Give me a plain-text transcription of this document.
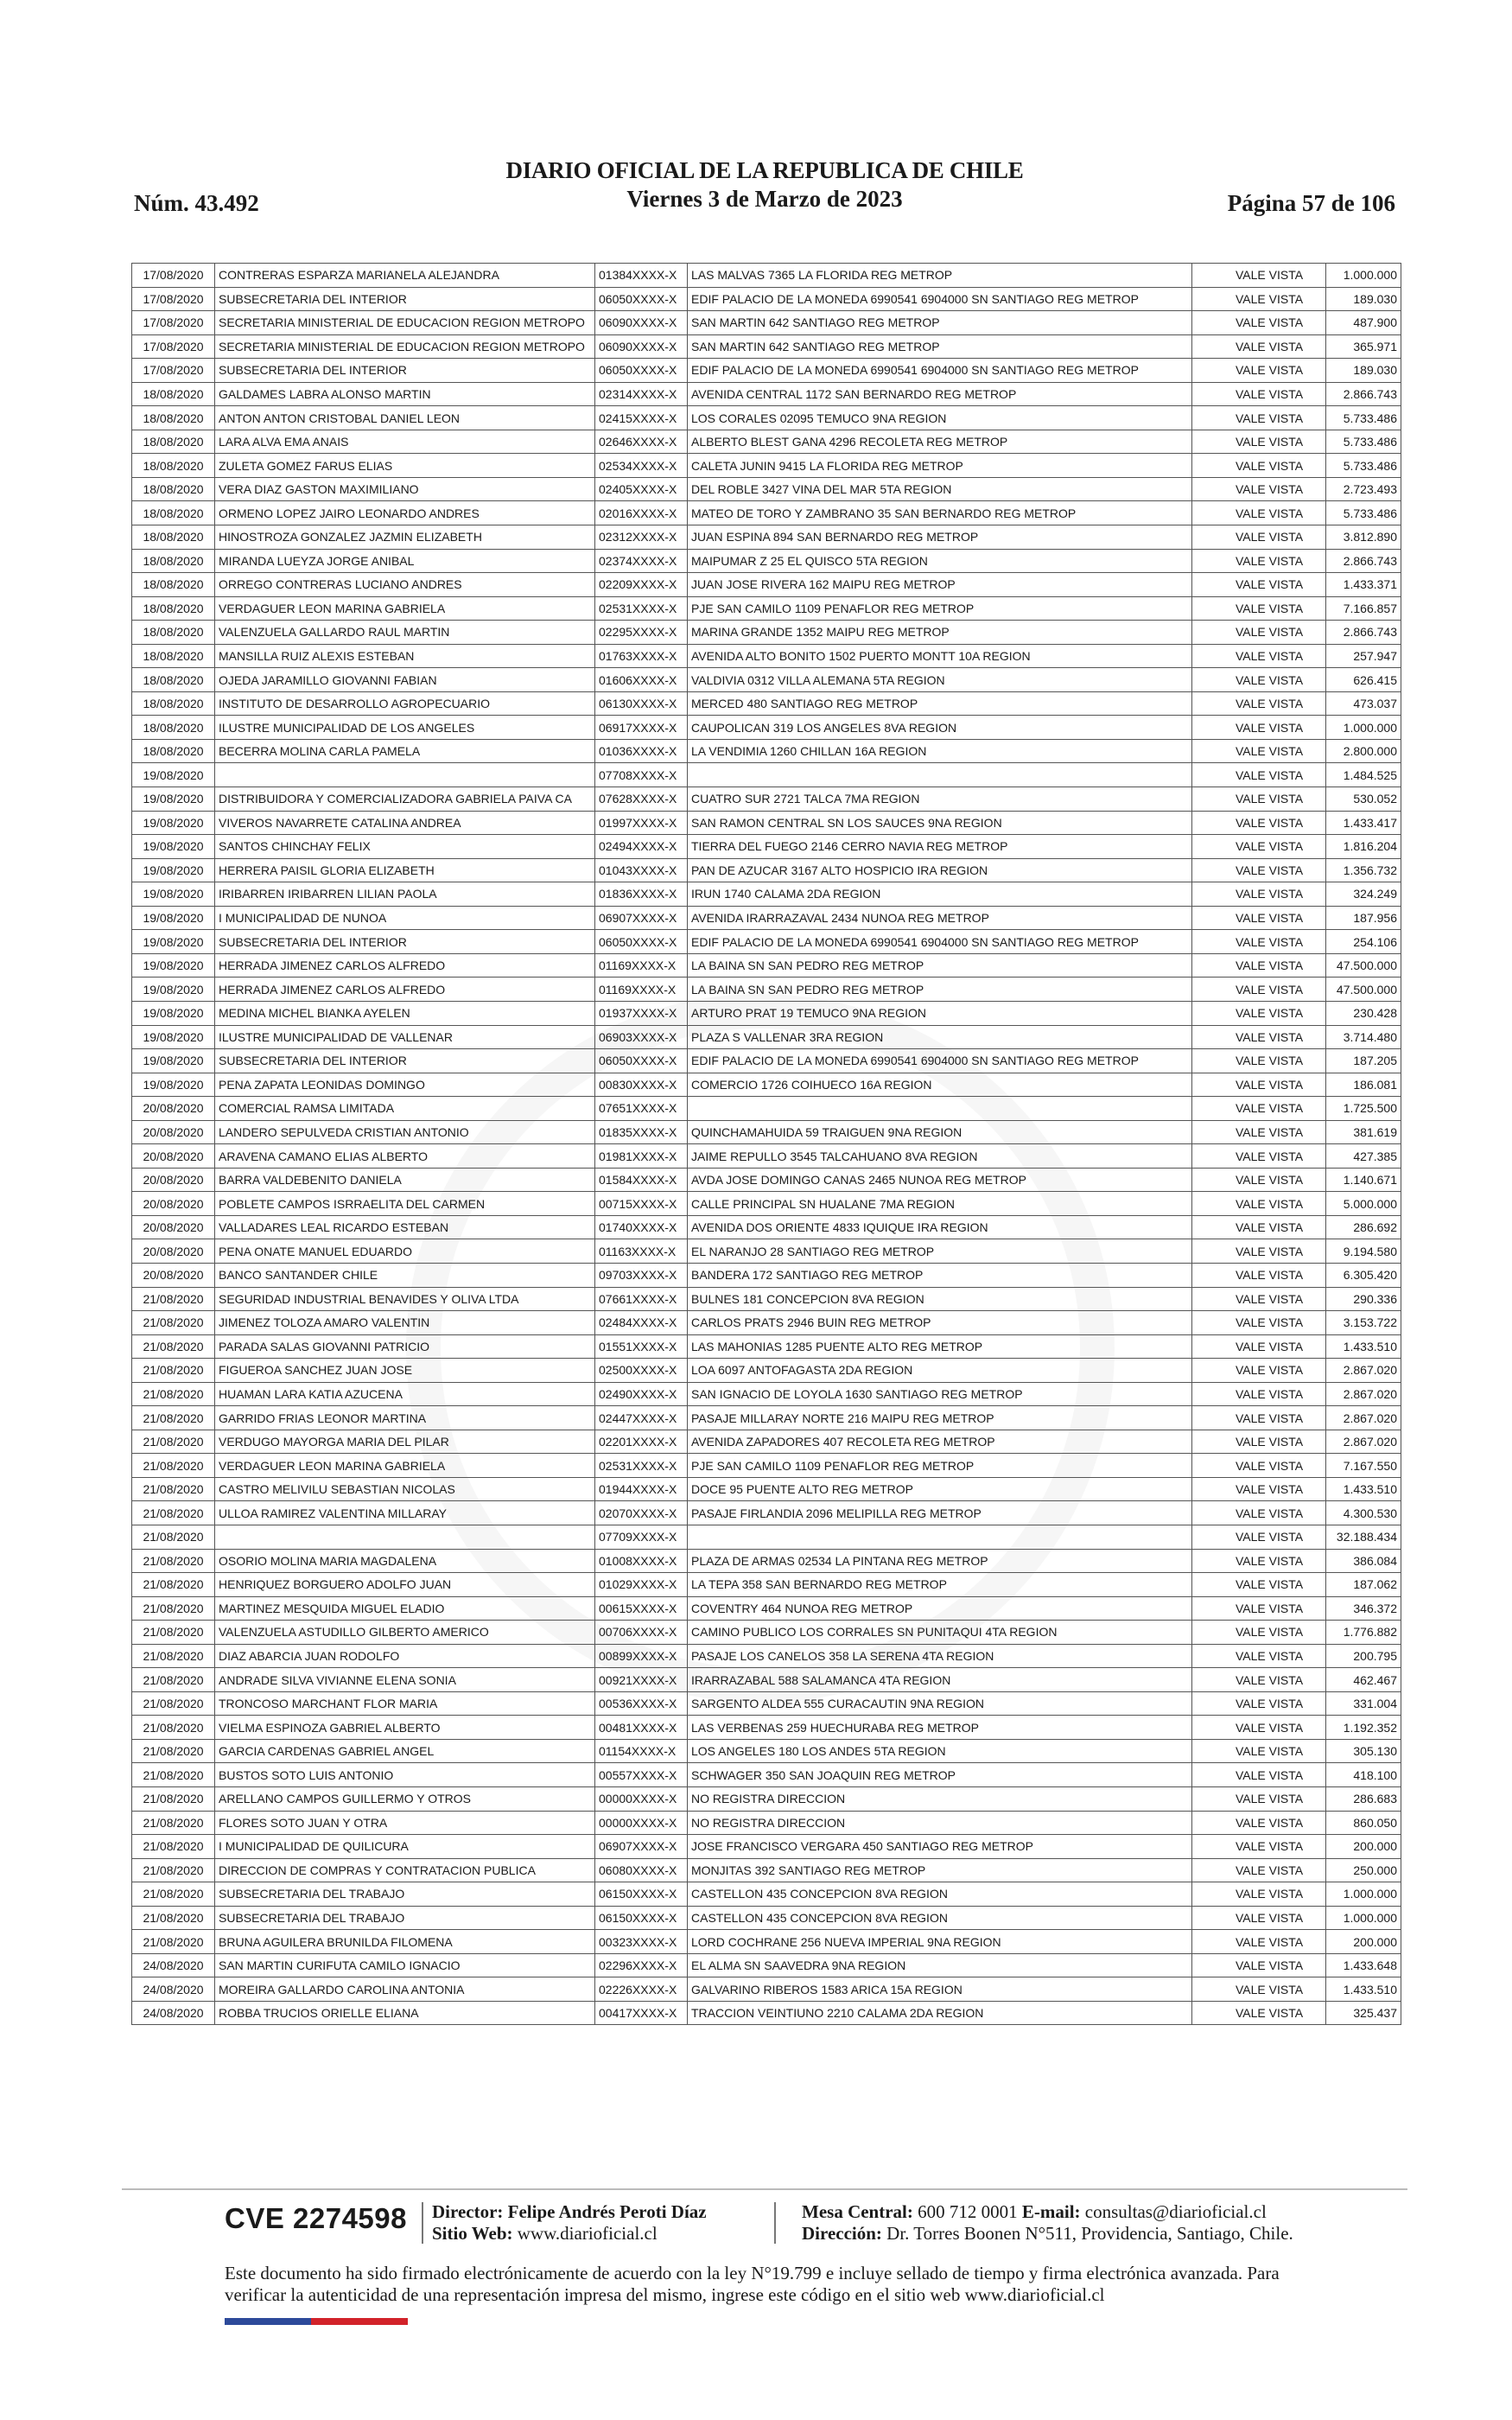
Núm. 43.492
DIARIO OFICIAL DE LA REPUBLICA DE CHILE
Viernes 3 de Marzo de 2023	Página 57 de 106
17/08/2020	CONTRERAS ESPARZA MARIANELA ALEJANDRA	01384XXXX-X	LAS MALVAS 7365 LA FLORIDA REG METROP	VALE VISTA	1.000.000
17/08/2020	SUBSECRETARIA DEL INTERIOR	06050XXXX-X	EDIF PALACIO DE LA MONEDA 6990541 6904000 SN SANTIAGO REG METROP	VALE VISTA	189.030
17/08/2020	SECRETARIA MINISTERIAL DE EDUCACION REGION METROPO	06090XXXX-X	SAN MARTIN 642 SANTIAGO REG METROP	VALE VISTA	487.900
17/08/2020	SECRETARIA MINISTERIAL DE EDUCACION REGION METROPO	06090XXXX-X	SAN MARTIN 642 SANTIAGO REG METROP	VALE VISTA	365.971
17/08/2020	SUBSECRETARIA DEL INTERIOR	06050XXXX-X	EDIF PALACIO DE LA MONEDA 6990541 6904000 SN SANTIAGO REG METROP	VALE VISTA	189.030
18/08/2020	GALDAMES LABRA ALONSO MARTIN	02314XXXX-X	AVENIDA CENTRAL 1172 SAN BERNARDO REG METROP	VALE VISTA	2.866.743
18/08/2020	ANTON ANTON CRISTOBAL DANIEL LEON	02415XXXX-X	LOS CORALES 02095 TEMUCO 9NA REGION	VALE VISTA	5.733.486
18/08/2020	LARA ALVA EMA ANAIS	02646XXXX-X	ALBERTO BLEST GANA 4296 RECOLETA REG METROP	VALE VISTA	5.733.486
18/08/2020	ZULETA GOMEZ FARUS ELIAS	02534XXXX-X	CALETA JUNIN 9415 LA FLORIDA REG METROP	VALE VISTA	5.733.486
18/08/2020	VERA DIAZ GASTON MAXIMILIANO	02405XXXX-X	DEL ROBLE 3427 VINA DEL MAR 5TA REGION	VALE VISTA	2.723.493
18/08/2020	ORMENO LOPEZ JAIRO LEONARDO ANDRES	02016XXXX-X	MATEO DE TORO Y ZAMBRANO 35 SAN BERNARDO REG METROP	VALE VISTA	5.733.486
18/08/2020	HINOSTROZA GONZALEZ JAZMIN ELIZABETH	02312XXXX-X	JUAN ESPINA 894 SAN BERNARDO REG METROP	VALE VISTA	3.812.890
18/08/2020	MIRANDA LUEYZA JORGE ANIBAL	02374XXXX-X	MAIPUMAR Z 25 EL QUISCO 5TA REGION	VALE VISTA	2.866.743
18/08/2020	ORREGO CONTRERAS LUCIANO ANDRES	02209XXXX-X	JUAN JOSE RIVERA 162 MAIPU REG METROP	VALE VISTA	1.433.371
18/08/2020	VERDAGUER LEON MARINA GABRIELA	02531XXXX-X	PJE SAN CAMILO 1109 PENAFLOR REG METROP	VALE VISTA	7.166.857
18/08/2020	VALENZUELA GALLARDO RAUL MARTIN	02295XXXX-X	MARINA GRANDE 1352 MAIPU REG METROP	VALE VISTA	2.866.743
18/08/2020	MANSILLA RUIZ ALEXIS ESTEBAN	01763XXXX-X	AVENIDA ALTO BONITO 1502 PUERTO MONTT 10A REGION	VALE VISTA	257.947
18/08/2020	OJEDA JARAMILLO GIOVANNI FABIAN	01606XXXX-X	VALDIVIA 0312 VILLA ALEMANA 5TA REGION	VALE VISTA	626.415
18/08/2020	INSTITUTO DE DESARROLLO AGROPECUARIO	06130XXXX-X	MERCED 480 SANTIAGO REG METROP	VALE VISTA	473.037
18/08/2020	ILUSTRE MUNICIPALIDAD DE LOS ANGELES	06917XXXX-X	CAUPOLICAN 319 LOS ANGELES 8VA REGION	VALE VISTA	1.000.000
18/08/2020	BECERRA MOLINA CARLA PAMELA	01036XXXX-X	LA VENDIMIA 1260 CHILLAN 16A REGION	VALE VISTA	2.800.000
19/08/2020		07708XXXX-X		VALE VISTA	1.484.525
19/08/2020	DISTRIBUIDORA Y COMERCIALIZADORA GABRIELA PAIVA CA	07628XXXX-X	CUATRO SUR 2721 TALCA 7MA REGION	VALE VISTA	530.052
19/08/2020	VIVEROS NAVARRETE CATALINA ANDREA	01997XXXX-X	SAN RAMON CENTRAL SN LOS SAUCES 9NA REGION	VALE VISTA	1.433.417
19/08/2020	SANTOS CHINCHAY FELIX	02494XXXX-X	TIERRA DEL FUEGO 2146 CERRO NAVIA REG METROP	VALE VISTA	1.816.204
19/08/2020	HERRERA PAISIL GLORIA ELIZABETH	01043XXXX-X	PAN DE AZUCAR 3167 ALTO HOSPICIO IRA REGION	VALE VISTA	1.356.732
19/08/2020	IRIBARREN IRIBARREN LILIAN PAOLA	01836XXXX-X	IRUN 1740 CALAMA 2DA REGION	VALE VISTA	324.249
19/08/2020	I MUNICIPALIDAD DE NUNOA	06907XXXX-X	AVENIDA IRARRAZAVAL 2434 NUNOA REG METROP	VALE VISTA	187.956
19/08/2020	SUBSECRETARIA DEL INTERIOR	06050XXXX-X	EDIF PALACIO DE LA MONEDA 6990541 6904000 SN SANTIAGO REG METROP	VALE VISTA	254.106
19/08/2020	HERRADA JIMENEZ CARLOS ALFREDO	01169XXXX-X	LA BAINA SN SAN PEDRO REG METROP	VALE VISTA	47.500.000
19/08/2020	HERRADA JIMENEZ CARLOS ALFREDO	01169XXXX-X	LA BAINA SN SAN PEDRO REG METROP	VALE VISTA	47.500.000
19/08/2020	MEDINA MICHEL BIANKA AYELEN	01937XXXX-X	ARTURO PRAT 19 TEMUCO 9NA REGION	VALE VISTA	230.428
19/08/2020	ILUSTRE MUNICIPALIDAD DE VALLENAR	06903XXXX-X	PLAZA S VALLENAR 3RA REGION	VALE VISTA	3.714.480
19/08/2020	SUBSECRETARIA DEL INTERIOR	06050XXXX-X	EDIF PALACIO DE LA MONEDA 6990541 6904000 SN SANTIAGO REG METROP	VALE VISTA	187.205
19/08/2020	PENA ZAPATA LEONIDAS DOMINGO	00830XXXX-X	COMERCIO 1726 COIHUECO 16A REGION	VALE VISTA	186.081
20/08/2020	COMERCIAL RAMSA LIMITADA	07651XXXX-X		VALE VISTA	1.725.500
20/08/2020	LANDERO SEPULVEDA CRISTIAN ANTONIO	01835XXXX-X	QUINCHAMAHUIDA 59 TRAIGUEN 9NA REGION	VALE VISTA	381.619
20/08/2020	ARAVENA CAMANO ELIAS ALBERTO	01981XXXX-X	JAIME REPULLO 3545 TALCAHUANO 8VA REGION	VALE VISTA	427.385
20/08/2020	BARRA VALDEBENITO DANIELA	01584XXXX-X	AVDA JOSE DOMINGO CANAS 2465 NUNOA REG METROP	VALE VISTA	1.140.671
20/08/2020	POBLETE CAMPOS ISRRAELITA DEL CARMEN	00715XXXX-X	CALLE PRINCIPAL SN HUALANE 7MA REGION	VALE VISTA	5.000.000
20/08/2020	VALLADARES LEAL RICARDO ESTEBAN	01740XXXX-X	AVENIDA DOS ORIENTE 4833 IQUIQUE IRA REGION	VALE VISTA	286.692
20/08/2020	PENA ONATE MANUEL EDUARDO	01163XXXX-X	EL NARANJO 28 SANTIAGO REG METROP	VALE VISTA	9.194.580
20/08/2020	BANCO SANTANDER CHILE	09703XXXX-X	BANDERA 172 SANTIAGO REG METROP	VALE VISTA	6.305.420
21/08/2020	SEGURIDAD INDUSTRIAL BENAVIDES Y OLIVA LTDA	07661XXXX-X	BULNES 181 CONCEPCION 8VA REGION	VALE VISTA	290.336
21/08/2020	JIMENEZ TOLOZA AMARO VALENTIN	02484XXXX-X	CARLOS PRATS 2946 BUIN REG METROP	VALE VISTA	3.153.722
21/08/2020	PARADA SALAS GIOVANNI PATRICIO	01551XXXX-X	LAS MAHONIAS 1285 PUENTE ALTO REG METROP	VALE VISTA	1.433.510
21/08/2020	FIGUEROA SANCHEZ JUAN JOSE	02500XXXX-X	LOA 6097 ANTOFAGASTA 2DA REGION	VALE VISTA	2.867.020
21/08/2020	HUAMAN LARA KATIA AZUCENA	02490XXXX-X	SAN IGNACIO DE LOYOLA 1630 SANTIAGO REG METROP	VALE VISTA	2.867.020
21/08/2020	GARRIDO FRIAS LEONOR MARTINA	02447XXXX-X	PASAJE MILLARAY NORTE 216 MAIPU REG METROP	VALE VISTA	2.867.020
21/08/2020	VERDUGO MAYORGA MARIA DEL PILAR	02201XXXX-X	AVENIDA ZAPADORES 407 RECOLETA REG METROP	VALE VISTA	2.867.020
21/08/2020	VERDAGUER LEON MARINA GABRIELA	02531XXXX-X	PJE SAN CAMILO 1109 PENAFLOR REG METROP	VALE VISTA	7.167.550
21/08/2020	CASTRO MELIVILU SEBASTIAN NICOLAS	01944XXXX-X	DOCE 95 PUENTE ALTO REG METROP	VALE VISTA	1.433.510
21/08/2020	ULLOA RAMIREZ VALENTINA MILLARAY	02070XXXX-X	PASAJE FIRLANDIA 2096 MELIPILLA REG METROP	VALE VISTA	4.300.530
21/08/2020		07709XXXX-X		VALE VISTA	32.188.434
21/08/2020	OSORIO MOLINA MARIA MAGDALENA	01008XXXX-X	PLAZA DE ARMAS 02534 LA PINTANA REG METROP	VALE VISTA	386.084
21/08/2020	HENRIQUEZ BORGUERO ADOLFO JUAN	01029XXXX-X	LA TEPA 358 SAN BERNARDO REG METROP	VALE VISTA	187.062
21/08/2020	MARTINEZ MESQUIDA MIGUEL ELADIO	00615XXXX-X	COVENTRY 464 NUNOA REG METROP	VALE VISTA	346.372
21/08/2020	VALENZUELA ASTUDILLO GILBERTO AMERICO	00706XXXX-X	CAMINO PUBLICO LOS CORRALES SN PUNITAQUI 4TA REGION	VALE VISTA	1.776.882
21/08/2020	DIAZ ABARCIA JUAN RODOLFO	00899XXXX-X	PASAJE LOS CANELOS 358 LA SERENA 4TA REGION	VALE VISTA	200.795
21/08/2020	ANDRADE SILVA VIVIANNE ELENA SONIA	00921XXXX-X	IRARRAZABAL 588 SALAMANCA 4TA REGION	VALE VISTA	462.467
21/08/2020	TRONCOSO MARCHANT FLOR MARIA	00536XXXX-X	SARGENTO ALDEA 555 CURACAUTIN 9NA REGION	VALE VISTA	331.004
21/08/2020	VIELMA ESPINOZA GABRIEL ALBERTO	00481XXXX-X	LAS VERBENAS 259 HUECHURABA REG METROP	VALE VISTA	1.192.352
21/08/2020	GARCIA CARDENAS GABRIEL ANGEL	01154XXXX-X	LOS ANGELES 180 LOS ANDES 5TA REGION	VALE VISTA	305.130
21/08/2020	BUSTOS SOTO LUIS ANTONIO	00557XXXX-X	SCHWAGER 350 SAN JOAQUIN REG METROP	VALE VISTA	418.100
21/08/2020	ARELLANO CAMPOS GUILLERMO Y OTROS	00000XXXX-X	NO REGISTRA DIRECCION	VALE VISTA	286.683
21/08/2020	FLORES SOTO JUAN Y OTRA	00000XXXX-X	NO REGISTRA DIRECCION	VALE VISTA	860.050
21/08/2020	I MUNICIPALIDAD DE QUILICURA	06907XXXX-X	JOSE FRANCISCO VERGARA 450 SANTIAGO REG METROP	VALE VISTA	200.000
21/08/2020	DIRECCION DE COMPRAS Y CONTRATACION PUBLICA	06080XXXX-X	MONJITAS 392 SANTIAGO REG METROP	VALE VISTA	250.000
21/08/2020	SUBSECRETARIA DEL TRABAJO	06150XXXX-X	CASTELLON 435 CONCEPCION 8VA REGION	VALE VISTA	1.000.000
21/08/2020	SUBSECRETARIA DEL TRABAJO	06150XXXX-X	CASTELLON 435 CONCEPCION 8VA REGION	VALE VISTA	1.000.000
21/08/2020	BRUNA AGUILERA BRUNILDA FILOMENA	00323XXXX-X	LORD COCHRANE 256 NUEVA IMPERIAL 9NA REGION	VALE VISTA	200.000
24/08/2020	SAN MARTIN CURIFUTA CAMILO IGNACIO	02296XXXX-X	EL ALMA SN SAAVEDRA 9NA REGION	VALE VISTA	1.433.648
24/08/2020	MOREIRA GALLARDO CAROLINA ANTONIA	02226XXXX-X	GALVARINO RIBEROS 1583 ARICA 15A REGION	VALE VISTA	1.433.510
24/08/2020	ROBBA TRUCIOS ORIELLE ELIANA	00417XXXX-X	TRACCION VEINTIUNO 2210 CALAMA 2DA REGION	VALE VISTA	325.437
CVE 2274598 Director: Felipe Andrés Peroti Díaz
Sitio Web: www.diarioficial.cl
Mesa Central: 600 712 0001 E-mail: consultas@diarioficial.cl
Dirección: Dr. Torres Boonen N°511, Providencia, Santiago, Chile.
Este documento ha sido firmado electrónicamente de acuerdo con la ley N°19.799 e incluye sellado de tiempo y firma electrónica avanzada. Para verificar la autenticidad de una representación impresa del mismo, ingrese este código en el sitio web www.diarioficial.cl
